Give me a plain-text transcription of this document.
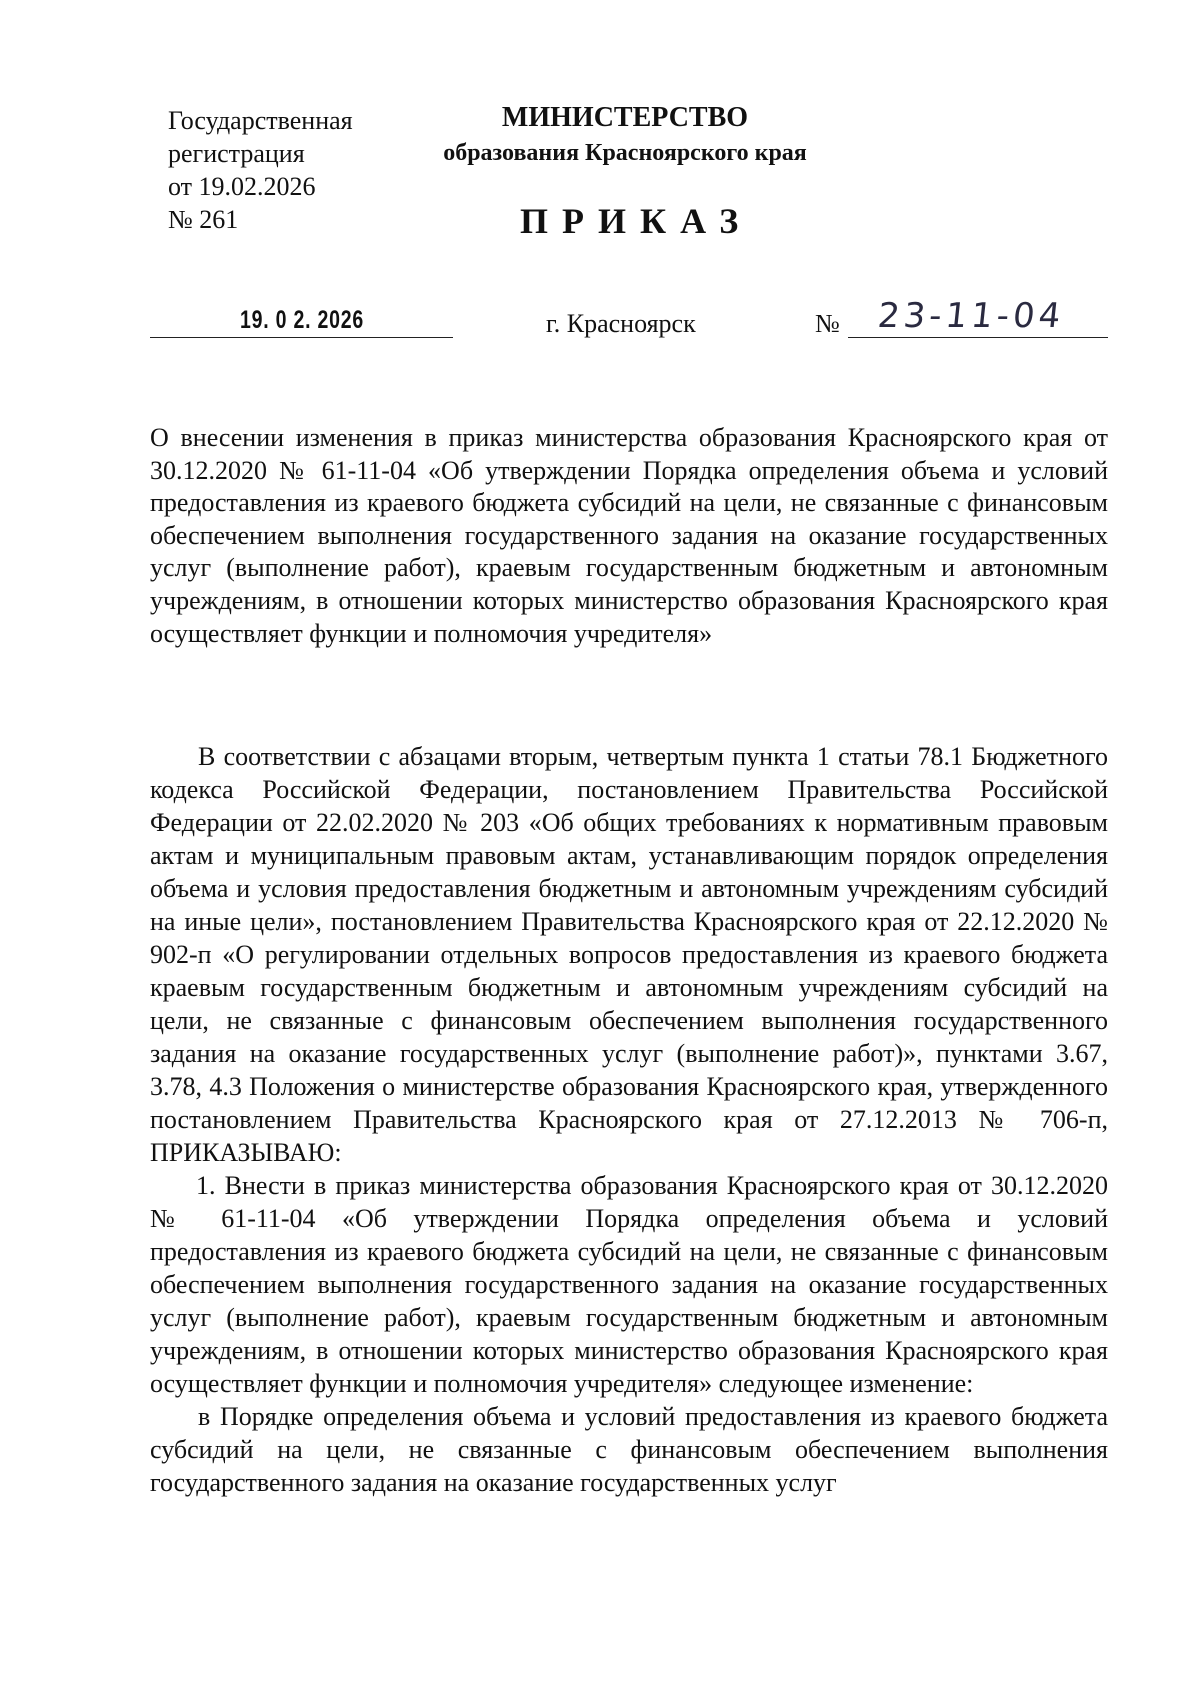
Государственная
регистрация
от 19.02.2026
№ 261
МИНИСТЕРСТВО
образования Красноярского края
ПРИКАЗ
19. 0 2. 2026	г. Красноярск	№ 23-11-04
О внесении изменения в приказ министерства образования Красноярского края от 30.12.2020 № 61-11-04 «Об утверждении Порядка определения объема и условий предоставления из краевого бюджета субсидий на цели, не связанные с финансовым обеспечением выполнения государственного задания на оказание государственных услуг (выполнение работ), краевым государственным бюджетным и автономным учреждениям, в отношении которых министерство образования Красноярского края осуществляет функции и полномочия учредителя»

В соответствии с абзацами вторым, четвертым пункта 1 статьи 78.1 Бюджетного кодекса Российской Федерации, постановлением Правительства Российской Федерации от 22.02.2020 № 203 «Об общих требованиях к нормативным правовым актам и муниципальным правовым актам, устанавливающим порядок определения объема и условия предоставления бюджетным и автономным учреждениям субсидий на иные цели», постановлением Правительства Красноярского края от 22.12.2020 № 902-п «О регулировании отдельных вопросов предоставления из краевого бюджета краевым государственным бюджетным и автономным учреждениям субсидий на цели, не связанные с финансовым обеспечением выполнения государственного задания на оказание государственных услуг (выполнение работ)», пунктами 3.67, 3.78, 4.3 Положения о министерстве образования Красноярского края, утвержденного постановлением Правительства Красноярского края от 27.12.2013 № 706-п, ПРИКАЗЫВАЮ:

1. Внести в приказ министерства образования Красноярского края от 30.12.2020 № 61-11-04 «Об утверждении Порядка определения объема и условий предоставления из краевого бюджета субсидий на цели, не связанные с финансовым обеспечением выполнения государственного задания на оказание государственных услуг (выполнение работ), краевым государственным бюджетным и автономным учреждениям, в отношении которых министерство образования Красноярского края осуществляет функции и полномочия учредителя» следующее изменение:

в Порядке определения объема и условий предоставления из краевого бюджета субсидий на цели, не связанные с финансовым обеспечением выполнения государственного задания на оказание государственных услуг
